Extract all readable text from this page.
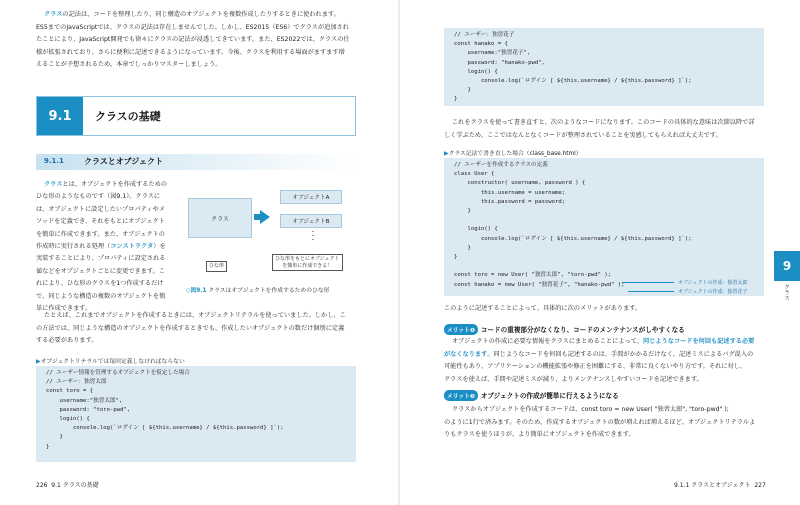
クラスの記法は、コードを整理したり、同じ構造のオブジェクトを複数作成したりするときに使われます。
ES5までのJavaScriptでは、クラスの記法は存在しませんでした。しかし、ES2015（ES6）でクラスが追加され
たことにより、JavaScript開発でも徐々にクラスの記法が浸透してきています。また、ES2022では、クラスの仕
様が拡張されており、さらに便利に記述できるようになっています。今後、クラスを利用する場面がますます増
えることが予想されるため、本章でしっかりマスターしましょう。
9.1	クラスの基礎
9.1.1	クラスとオブジェクト
クラスとは、オブジェクトを作成するための
ひな形のようなものです（図9.1）。クラスに
は、オブジェクトに設定したいプロパティやメ
ソッドを定義でき、それをもとにオブジェクト
を簡単に作成できます。また、オブジェクトの
作成時に実行される処理（コンストラクタ）を
実装することにより、プロパティに設定される
値などをオブジェクトごとに変更できます。こ
れにより、ひな形のクラスを1つ作成するだけ
で、同じような構造の複数のオブジェクトを簡
単に作成できます。
クラス
オブジェクトA
オブジェクトB
・
・
・
ひな形
ひな形をもとにオブジェクト
を簡単に作成できる！
◇図9.1 クラスはオブジェクトを作成するためのひな形
たとえば、これまでオブジェクトを作成するときには、オブジェクトリテラルを使っていました。しかし、こ
の方法では、同じような構造のオブジェクトを作成するときでも、作成したいオブジェクトの数だけ個別に定義
する必要があります。
▶オブジェクトリテラルでは毎回定義しなければならない
// ユーザー情報を管理するオブジェクトを仮定した場合
// ユーザー：独習太郎
const toro = {
username:"独習太郎",
password: "toro-pwd",
login() {
console.log(`ログイン [ ${this.username} / ${this.password} ]`);
}
}
226 9.1 クラスの基礎
// ユーザー：独習花子
const hanako = {
username:"独習花子",
password: "hanako-pwd",
login() {
console.log(`ログイン [ ${this.username} / ${this.password} ]`);
}
}
これをクラスを使って書き直すと、次のようなコードになります。このコードの具体的な意味は次節以降で詳
しく学ぶため、ここではなんとなくコードが整理されていることを実感してもらえれば大丈夫です。
▶クラス記法で書き直した場合（class_base.html）
// ユーザーを作成するクラスの定義
class User {
constructor( username, password ) {
this.username = username;
this.password = password;
}

login() {
console.log(`ログイン [ ${this.username} / ${this.password} ]`);
}
}

const toro = new User( "独習太郎", "toro-pwd" );
const hanako = new User( "独習花子", "hanako-pwd" );	オブジェクトの作成：独習太郎
オブジェクトの作成：独習花子
このように記述することによって、具体的に次のメリットがあります。
メリット❶ コードの重複部分がなくなり、コードのメンテナンスがしやすくなる
オブジェクトの作成に必要な情報をクラスにまとめることによって、同じようなコードを何回も記述する必要
がなくなります。同じようなコードを何回も記述するのは、手間がかかるだけなく、記述ミスによるバグ混入の
可能性もあり、アプリケーションの機能拡張や修正を困難にする、非常に良くないやり方です。それに対し、
クラスを使えば、手間や記述ミスが減り、よりメンテナンスしやすいコードを記述できます。
メリット❷ オブジェクトの作成が簡単に行えるようになる
クラスからオブジェクトを作成するコードは、const toro = new User( "独習太郎", "toro-pwd" );
のように1行で済みます。そのため、作成するオブジェクトの数が増えれば増えるほど、オブジェクトリテラルよ
りもクラスを使うほうが、より簡単にオブジェクトを作成できます。
9.1.1 クラスとオブジェクト 227
9
クラス
